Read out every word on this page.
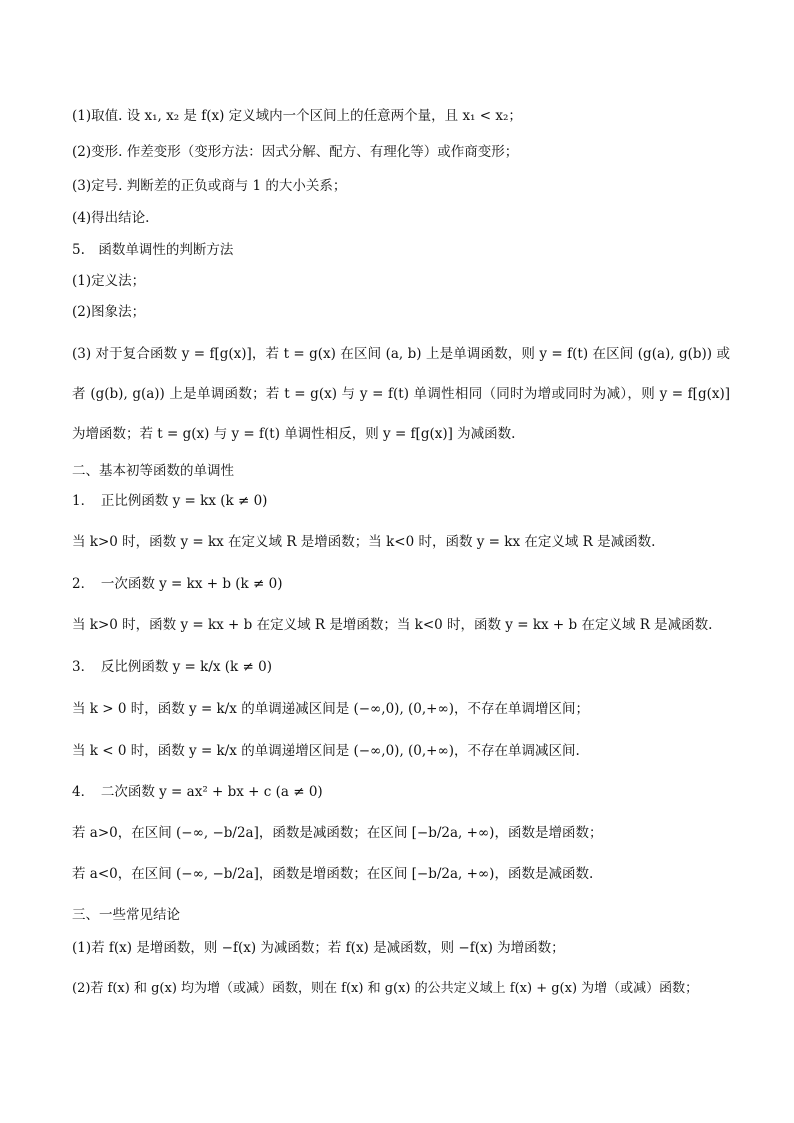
(1)取值. 设 x₁, x₂ 是 f(x) 定义域内一个区间上的任意两个量，且 x₁ < x₂；
(2)变形. 作差变形（变形方法：因式分解、配方、有理化等）或作商变形；
(3)定号. 判断差的正负或商与 1 的大小关系；
(4)得出结论.
5.　函数单调性的判断方法
(1)定义法；
(2)图象法；
(3) 对于复合函数 y = f[g(x)]，若 t = g(x) 在区间 (a, b) 上是单调函数，则 y = f(t) 在区间 (g(a), g(b)) 或者 (g(b), g(a)) 上是单调函数；若 t = g(x) 与 y = f(t) 单调性相同（同时为增或同时为减），则 y = f[g(x)] 为增函数；若 t = g(x) 与 y = f(t) 单调性相反，则 y = f[g(x)] 为减函数.
二、基本初等函数的单调性
1．　正比例函数 y = kx (k ≠ 0)
当 k>0 时，函数 y = kx 在定义域 R 是增函数；当 k<0 时，函数 y = kx 在定义域 R 是减函数.
2．　一次函数 y = kx + b (k ≠ 0)
当 k>0 时，函数 y = kx + b 在定义域 R 是增函数；当 k<0 时，函数 y = kx + b 在定义域 R 是减函数.
3．　反比例函数 y = k/x (k ≠ 0)
当 k > 0 时，函数 y = k/x 的单调递减区间是 (−∞,0), (0,+∞)，不存在单调增区间；
当 k < 0 时，函数 y = k/x 的单调递增区间是 (−∞,0), (0,+∞)，不存在单调减区间.
4．　二次函数 y = ax² + bx + c (a ≠ 0)
若 a>0，在区间 (−∞, −b/2a]，函数是减函数；在区间 [−b/2a, +∞)，函数是增函数；
若 a<0，在区间 (−∞, −b/2a]，函数是增函数；在区间 [−b/2a, +∞)，函数是减函数.
三、一些常见结论
(1)若 f(x) 是增函数，则 −f(x) 为减函数；若 f(x) 是减函数，则 −f(x) 为增函数；
(2)若 f(x) 和 g(x) 均为增（或减）函数，则在 f(x) 和 g(x) 的公共定义域上 f(x) + g(x) 为增（或减）函数；
